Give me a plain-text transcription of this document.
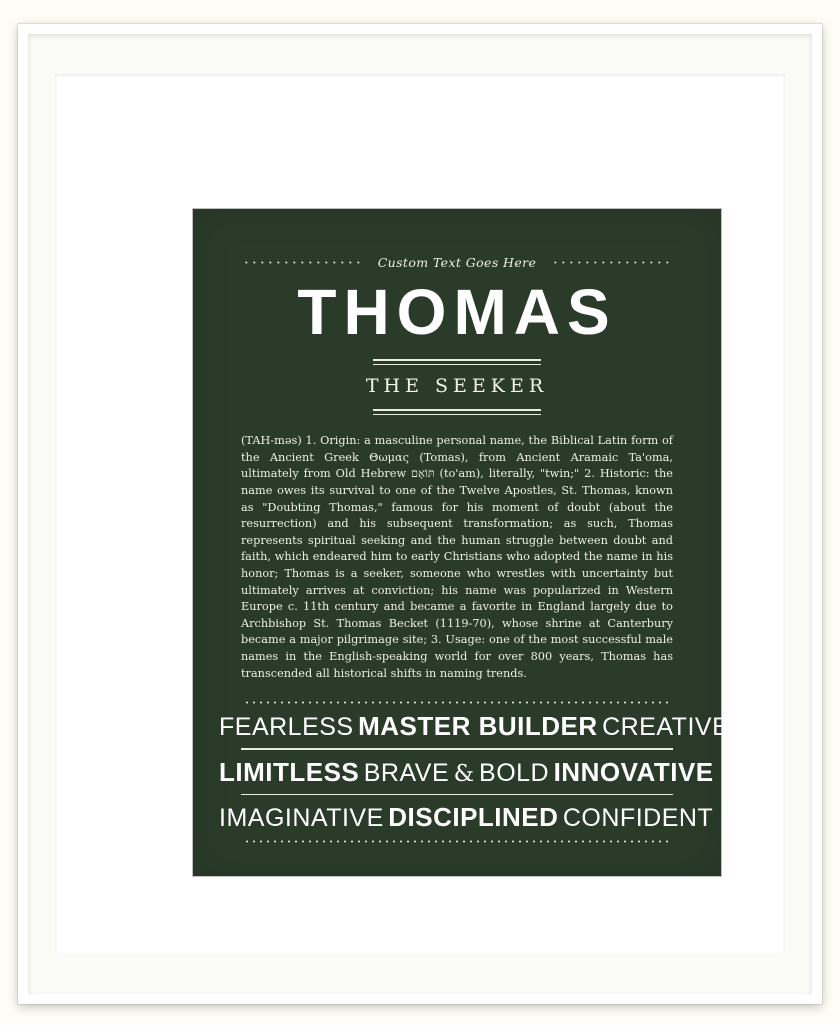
Custom Text Goes Here
THOMAS
THE SEEKER
(TAH-məs) 1. Origin: a masculine personal name, the Biblical Latin form of the Ancient Greek Θωμας (Tomas), from Ancient Aramaic Ta'oma, ultimately from Old Hebrew תּוֹאָם (to'am), literally, "twin;" 2. Historic: the name owes its survival to one of the Twelve Apostles, St. Thomas, known as "Doubting Thomas," famous for his moment of doubt (about the resurrection) and his subsequent transformation; as such, Thomas represents spiritual seeking and the human struggle between doubt and faith, which endeared him to early Christians who adopted the name in his honor; Thomas is a seeker, someone who wrestles with uncertainty but ultimately arrives at conviction; his name was popularized in Western Europe c. 11th century and became a favorite in England largely due to Archbishop St. Thomas Becket (1119-70), whose shrine at Canterbury became a major pilgrimage site; 3. Usage: one of the most successful male names in the English-speaking world for over 800 years, Thomas has transcended all historical shifts in naming trends.
FEARLESS MASTER BUILDER CREATIVE
LIMITLESS BRAVE & BOLD INNOVATIVE
IMAGINATIVE DISCIPLINED CONFIDENT
